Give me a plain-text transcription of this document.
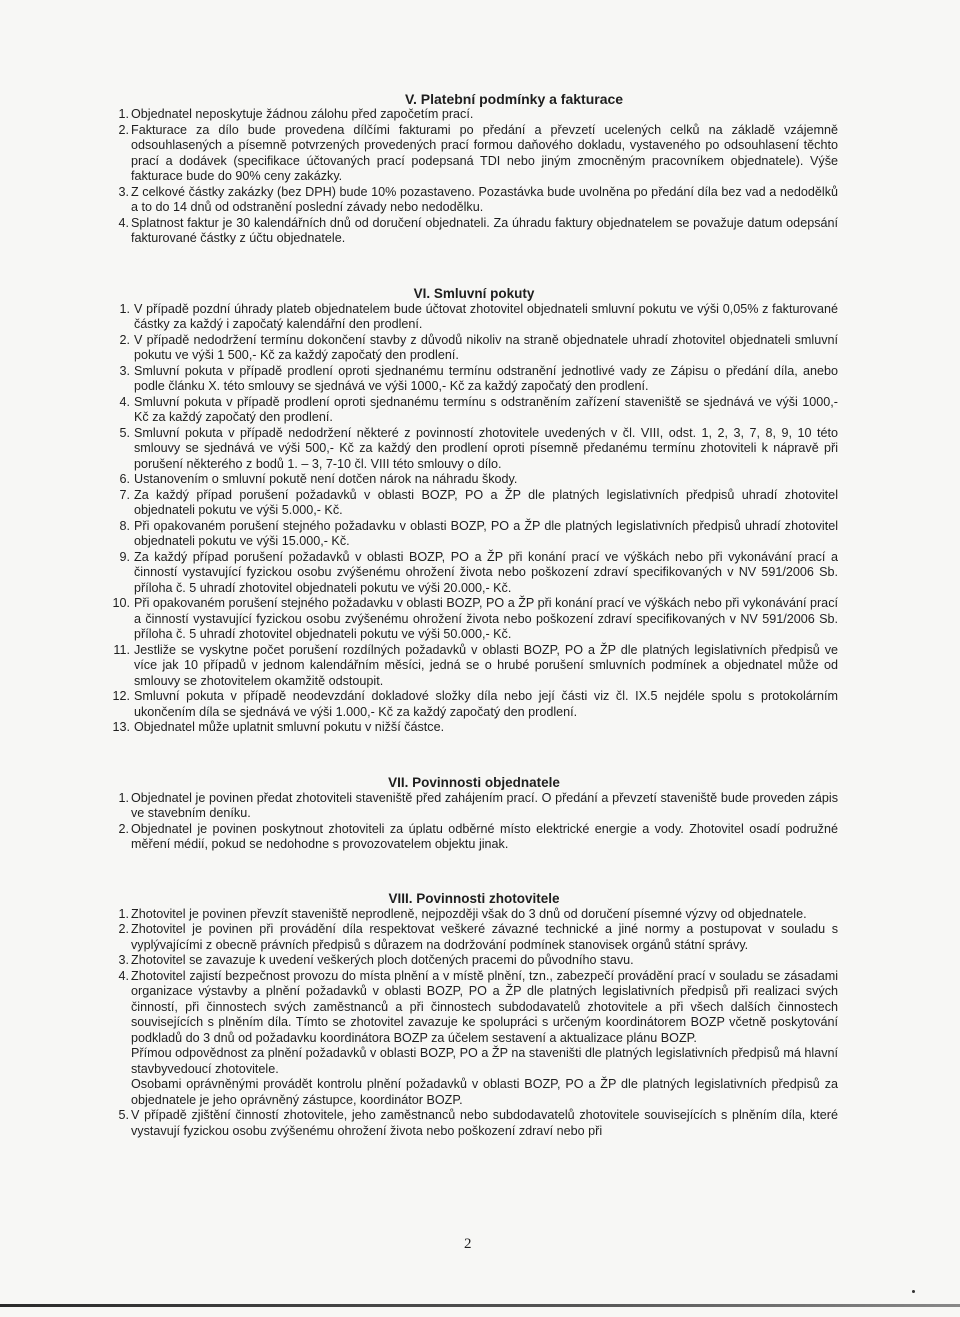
V. Platební podmínky a fakturace
1. Objednatel neposkytuje žádnou zálohu před započetím prací.
2. Fakturace za dílo bude provedena dílčími fakturami po předání a převzetí ucelených celků na základě vzájemně odsouhlasených a písemně potvrzených provedených prací formou daňového dokladu, vystaveného po odsouhlasení těchto prací a dodávek (specifikace účtovaných prací podepsaná TDI nebo jiným zmocněným pracovníkem objednatele). Výše fakturace bude do 90% ceny zakázky.
3. Z celkové částky zakázky (bez DPH) bude 10% pozastaveno. Pozastávka bude uvolněna po předání díla bez vad a nedodělků a to do 14 dnů od odstranění poslední závady nebo nedodělku.
4. Splatnost faktur je 30 kalendářních dnů od doručení objednateli. Za úhradu faktury objednatelem se považuje datum odepsání fakturované částky z účtu objednatele.
VI. Smluvní pokuty
1. V případě pozdní úhrady plateb objednatelem bude účtovat zhotovitel objednateli smluvní pokutu ve výši 0,05% z fakturované částky za každý i započatý kalendářní den prodlení.
2. V případě nedodržení termínu dokončení stavby z důvodů nikoliv na straně objednatele uhradí zhotovitel objednateli smluvní pokutu ve výši 1 500,- Kč za každý započatý den prodlení.
3. Smluvní pokuta v případě prodlení oproti sjednanému termínu odstranění jednotlivé vady ze Zápisu o předání díla, anebo podle článku X. této smlouvy se sjednává ve výši 1000,- Kč za každý započatý den prodlení.
4. Smluvní pokuta v případě prodlení oproti sjednanému termínu s odstraněním zařízení staveniště se sjednává ve výši 1000,- Kč za každý započatý den prodlení.
5. Smluvní pokuta v případě nedodržení některé z povinností zhotovitele uvedených v čl. VIII, odst. 1, 2, 3, 7, 8, 9, 10 této smlouvy se sjednává ve výši 500,- Kč za každý den prodlení oproti písemně předanému termínu zhotoviteli k nápravě při porušení některého z bodů 1. – 3, 7-10 čl. VIII této smlouvy o dílo.
6. Ustanovením o smluvní pokutě není dotčen nárok na náhradu škody.
7. Za každý případ porušení požadavků v oblasti BOZP, PO a ŽP dle platných legislativních předpisů uhradí zhotovitel objednateli pokutu ve výši 5.000,- Kč.
8. Při opakovaném porušení stejného požadavku v oblasti BOZP, PO a ŽP dle platných legislativních předpisů uhradí zhotovitel objednateli pokutu ve výši 15.000,- Kč.
9. Za každý případ porušení požadavků v oblasti BOZP, PO a ŽP při konání prací ve výškách nebo při vykonávání prací a činností vystavující fyzickou osobu zvýšenému ohrožení života nebo poškození zdraví specifikovaných v NV 591/2006 Sb. příloha č. 5 uhradí zhotovitel objednateli pokutu ve výši 20.000,- Kč.
10. Při opakovaném porušení stejného požadavku v oblasti BOZP, PO a ŽP při konání prací ve výškách nebo při vykonávání prací a činností vystavující fyzickou osobu zvýšenému ohrožení života nebo poškození zdraví specifikovaných v NV 591/2006 Sb. příloha č. 5 uhradí zhotovitel objednateli pokutu ve výši 50.000,- Kč.
11. Jestliže se vyskytne počet porušení rozdílných požadavků v oblasti BOZP, PO a ŽP dle platných legislativních předpisů ve více jak 10 případů v jednom kalendářním měsíci, jedná se o hrubé porušení smluvních podmínek a objednatel může od smlouvy se zhotovitelem okamžitě odstoupit.
12. Smluvní pokuta v případě neodevzdání dokladové složky díla nebo její části viz čl. IX.5 nejdéle spolu s protokolárním ukončením díla se sjednává ve výši 1.000,- Kč za každý započatý den prodlení.
13. Objednatel může uplatnit smluvní pokutu v nižší částce.
VII. Povinnosti objednatele
1. Objednatel je povinen předat zhotoviteli staveniště před zahájením prací. O předání a převzetí staveniště bude proveden zápis ve stavebním deníku.
2. Objednatel je povinen poskytnout zhotoviteli za úplatu odběrné místo elektrické energie a vody. Zhotovitel osadí podružné měření médií, pokud se nedohodne s provozovatelem objektu jinak.
VIII. Povinnosti zhotovitele
1. Zhotovitel je povinen převzít staveniště neprodleně, nejpozději však do 3 dnů od doručení písemné výzvy od objednatele.
2. Zhotovitel je povinen při provádění díla respektovat veškeré závazné technické a jiné normy a postupovat v souladu s vyplývajícími z obecně právních předpisů s důrazem na dodržování podmínek stanovisek orgánů státní správy.
3. Zhotovitel se zavazuje k uvedení veškerých ploch dotčených pracemi do původního stavu.
4. Zhotovitel zajistí bezpečnost provozu do místa plnění a v místě plnění, tzn., zabezpečí provádění prací v souladu se zásadami organizace výstavby a plnění požadavků v oblasti BOZP, PO a ŽP dle platných legislativních předpisů při realizaci svých činností, při činnostech svých zaměstnanců a při činnostech subdodavatelů zhotovitele a při všech dalších činnostech souvisejících s plněním díla. Tímto se zhotovitel zavazuje ke spolupráci s určeným koordinátorem BOZP včetně poskytování podkladů do 3 dnů od požadavku koordinátora BOZP za účelem sestavení a aktualizace plánu BOZP.
Přímou odpovědnost za plnění požadavků v oblasti BOZP, PO a ŽP na staveništi dle platných legislativních předpisů má hlavní stavbyvedoucí zhotovitele.
Osobami oprávněnými provádět kontrolu plnění požadavků v oblasti BOZP, PO a ŽP dle platných legislativních předpisů za objednatele je jeho oprávněný zástupce, koordinátor BOZP.
5. V případě zjištění činností zhotovitele, jeho zaměstnanců nebo subdodavatelů zhotovitele souvisejících s plněním díla, které vystavují fyzickou osobu zvýšenému ohrožení života nebo poškození zdraví nebo při
2
